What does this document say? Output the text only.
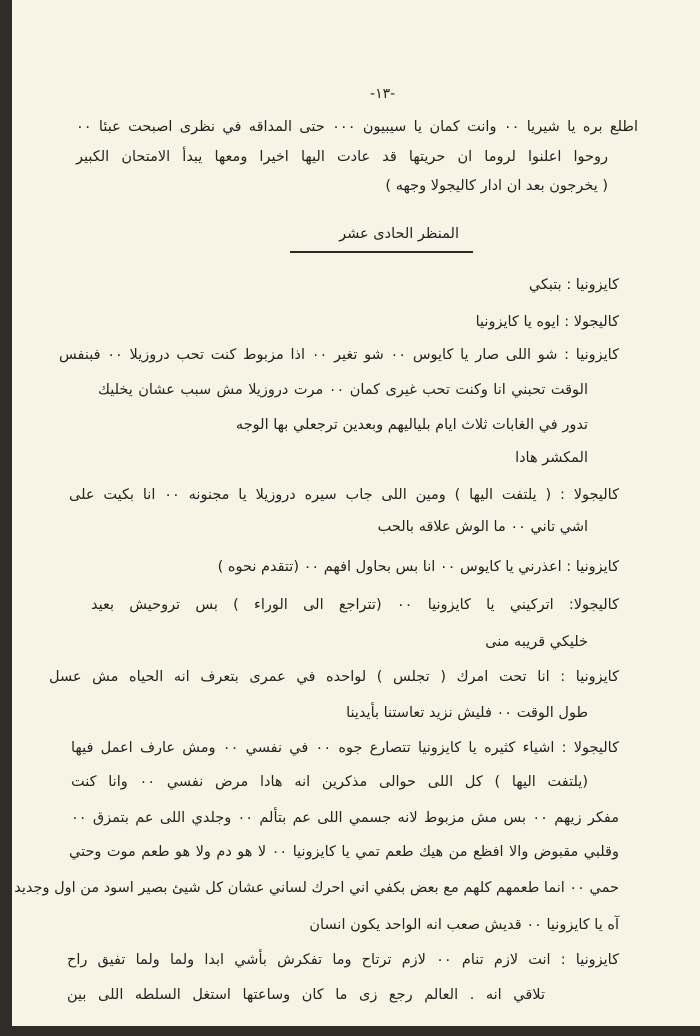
-١٣-
اطلع بره يا شيريا ٠٠ وانت كمان يا سيبيون ٠٠٠ حتى المداقه في نظرى اصبحت عبئا ٠٠
روحوا اعلنوا لروما ان حريتها قد عادت اليها اخيرا ومعها يبدأ الامتحان الكبير
( يخرجون بعد ان ادار كاليجولا وجهه )
المنظر الحادى عشر
كايزونيا : بتبكي
كاليجولا : ايوه يا كايزونيا
كايزونيا : شو اللى صار يا كايوس ٠٠ شو تغير ٠٠ اذا مزبوط كنت تحب دروزيلا ٠٠ فبنفس
الوقت تحبني انا وكنت تحب غيرى كمان ٠٠ مرت دروزيلا مش سبب عشان يخليك
تدور في الغابات ثلاث ايام بلياليهم وبعدين ترجعلي بها الوجه
المكشر هادا
كاليجولا : ( يلتفت اليها ) ومين اللى جاب سيره دروزيلا يا مجنونه ٠٠ انا بكيت على
اشي تاني ٠٠ ما الوش علاقه بالحب
كايزونيا : اعذرني يا كايوس ٠٠ انا بس بحاول افهم ٠٠ (تتقدم نحوه )
كاليجولا: اتركيني يا كايزونيا ٠٠ (تتراجع الى الوراء ) بس تروحيش بعيد
خليكي قريبه منى
كايزونيا : انا تحت امرك ( تجلس ) لواحده في عمرى بتعرف انه الحياه مش عسل
طول الوقت ٠٠ فليش نزيد تعاستنا بأيدينا
كاليجولا : اشياء كثيره يا كايزونيا تتصارع جوه ٠٠ في نفسي ٠٠ ومش عارف اعمل فيها
(يلتفت اليها ) كل اللى حوالى مذكرين انه هادا مرض نفسي ٠٠ وانا كنت
مفكر زيهم ٠٠ بس مش مزبوط لانه جسمي اللى عم بتألم ٠٠ وجلدي اللى عم بتمزق ٠٠
وقلبي مقبوض والا افظع من هيك طعم تمي يا كايزونيا ٠٠ لا هو دم ولا هو طعم موت وحتي
حمي ٠٠ انما طعمهم كلهم مع بعض بكفي اني احرك لساني عشان كل شيئ بصير اسود من اول وجديد
آه يا كايزونيا ٠٠ قديش صعب انه الواحد يكون انسان
كايزونيا : انت لازم تنام ٠٠ لازم ترتاح وما تفكرش بأشي ابدا ولما ولما تفيق راح
تلاقي انه . العالم رجع زى ما كان وساعتها استغل السلطه اللى بين
